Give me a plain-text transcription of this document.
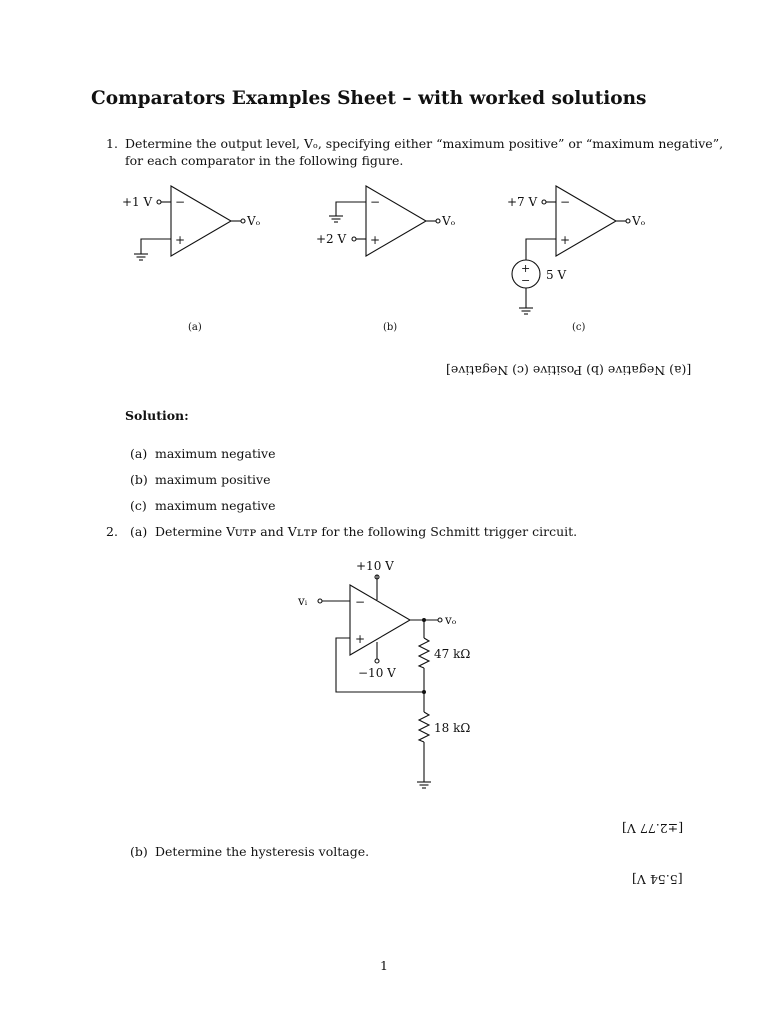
Comparators Examples Sheet – with worked solutions
1. Determine the output level, Vₒ, specifying either “maximum positive” or “maximum negative”,
for each comparator in the following figure.
+1 V −
+
Vₒ
(a)
−
+
+2 V
Vₒ
(b)
+7 V −
+
+
− 5 V
Vₒ
(c)
+10 V
−10 V
−
+
vᵢ
vₒ
47 kΩ
18 kΩ
[(a) Negative (b) Positive (c) Negative]
Solution:
(a) maximum negative
(b) maximum positive
(c) maximum negative
2. (a) Determine Vᴜᴛᴘ and Vʟᴛᴘ for the following Schmitt trigger circuit.
[±2.77 V]
(b) Determine the hysteresis voltage.
[5.54 V]
1
